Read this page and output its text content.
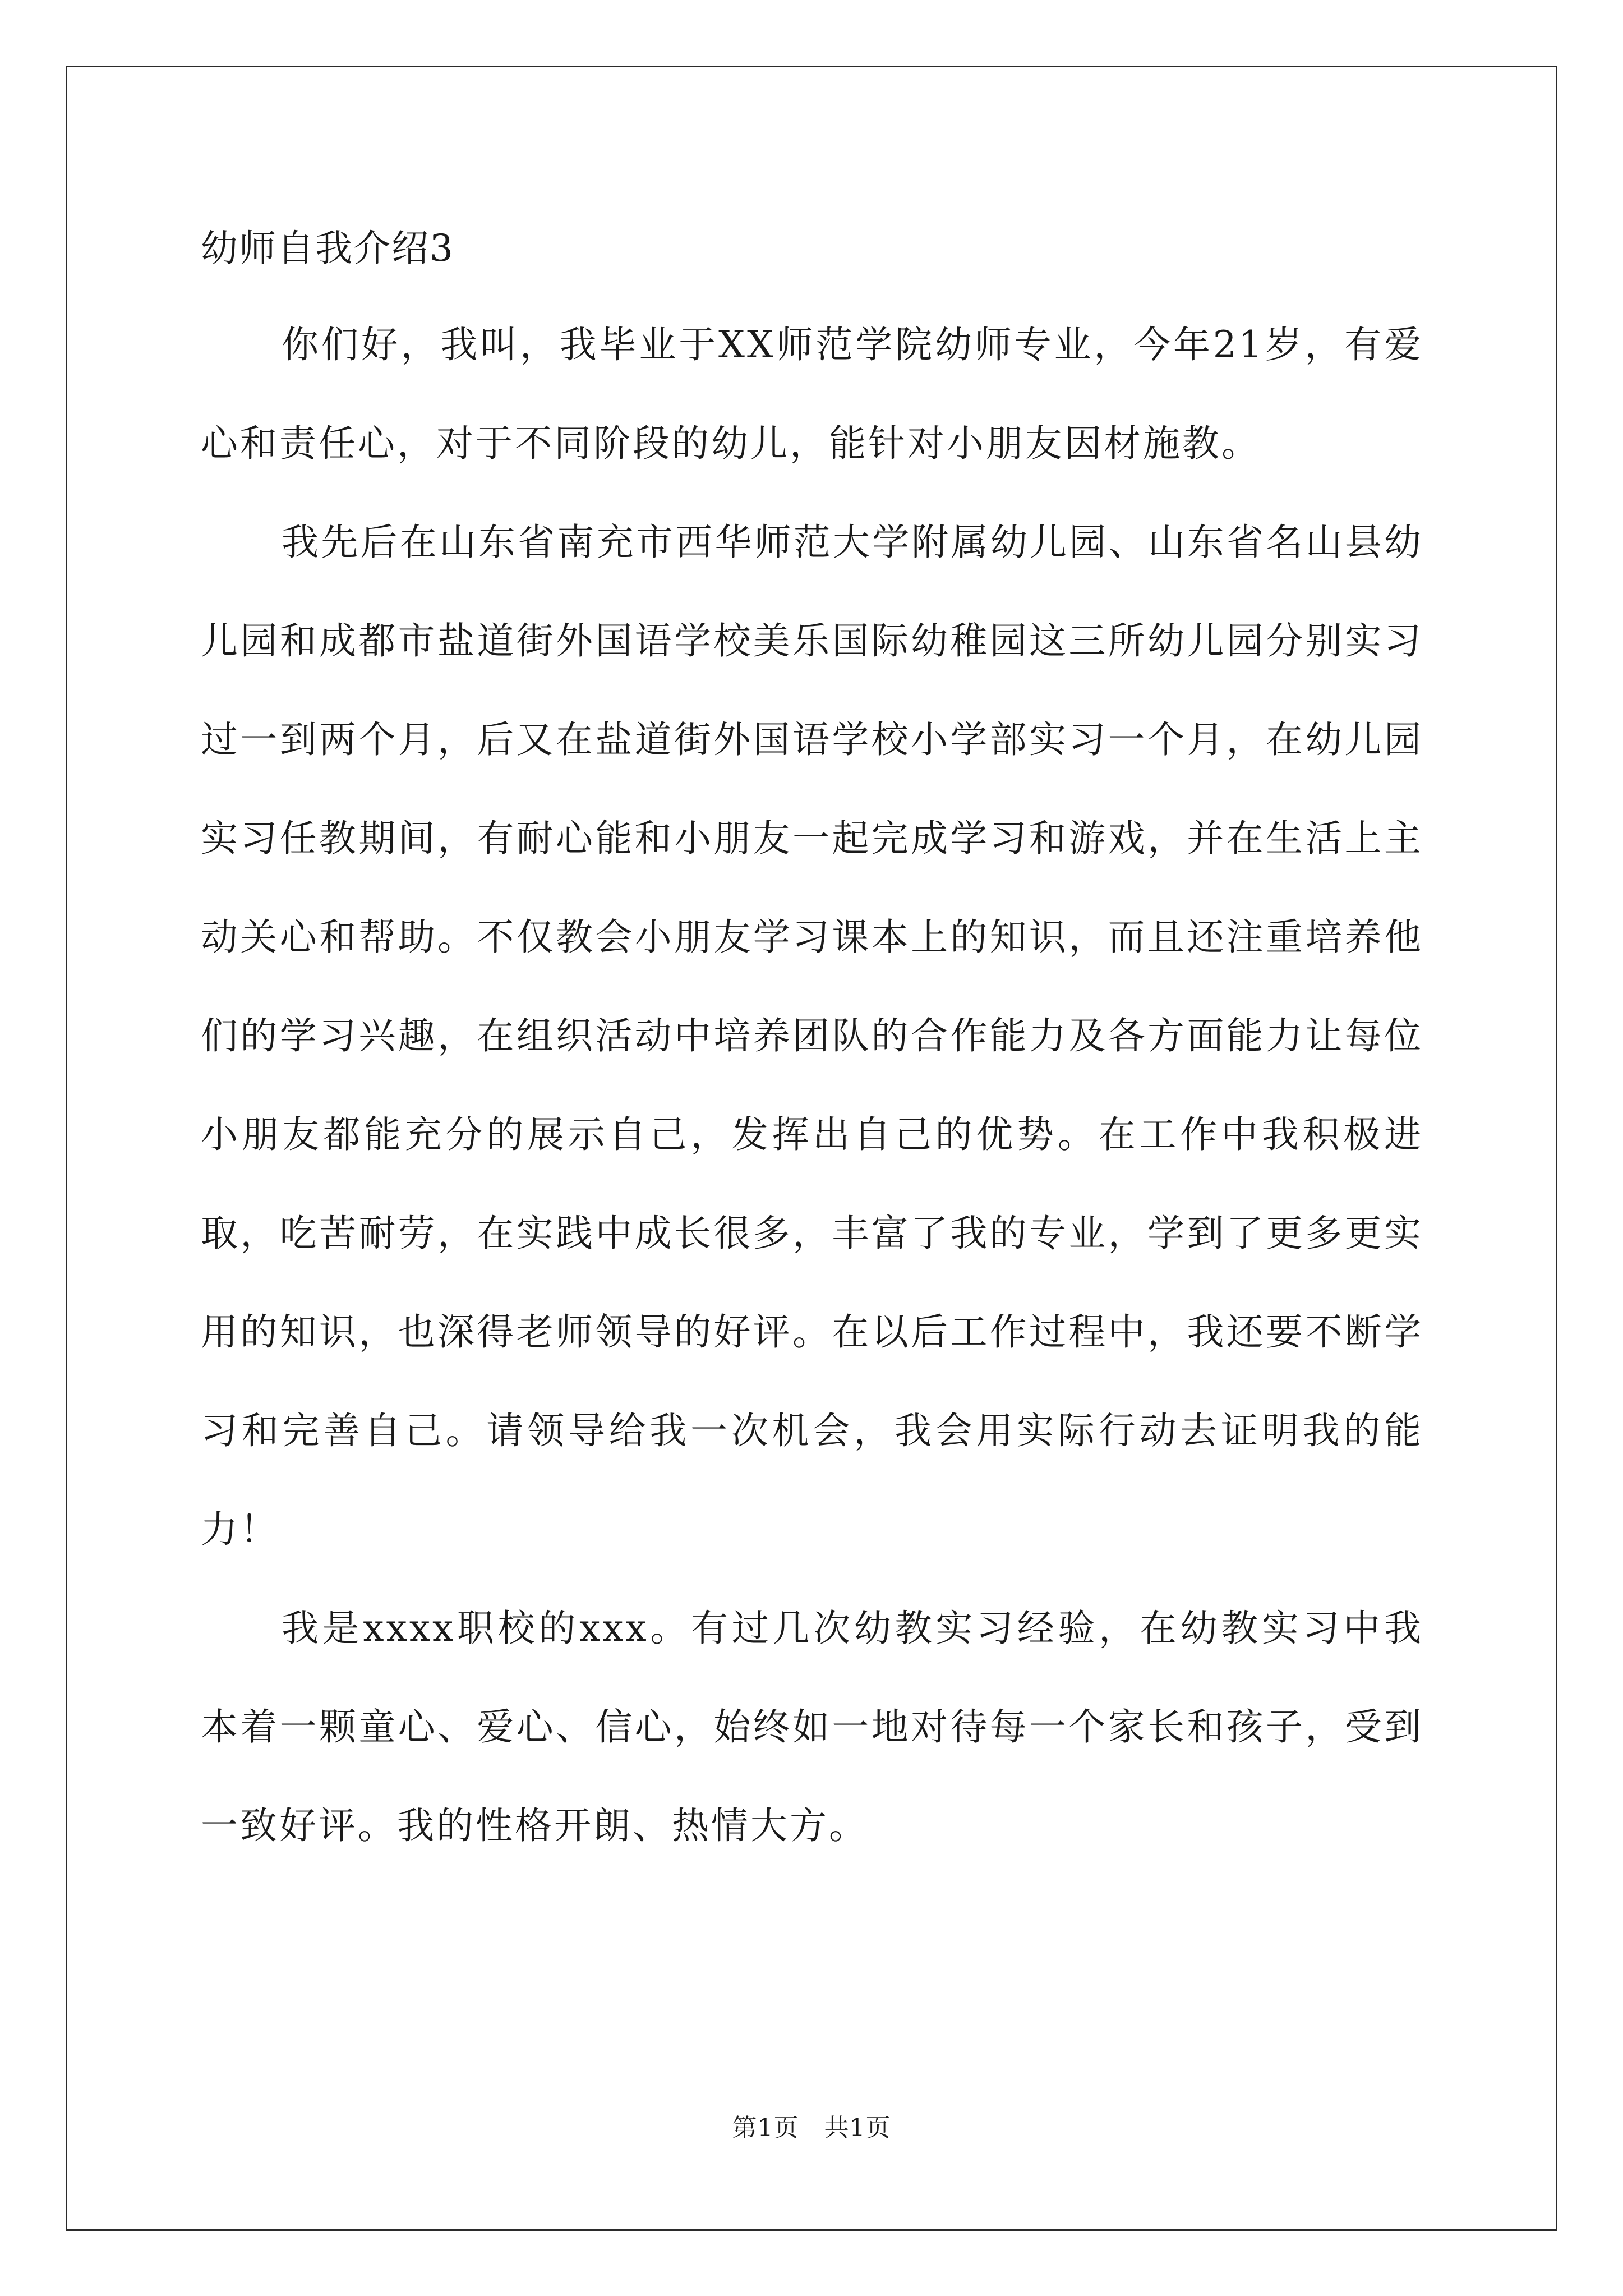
幼师自我介绍3

你们好，我叫，我毕业于XX师范学院幼师专业，今年21岁，有爱心和责任心，对于不同阶段的幼儿，能针对小朋友因材施教。

我先后在山东省南充市西华师范大学附属幼儿园、山东省名山县幼儿园和成都市盐道街外国语学校美乐国际幼稚园这三所幼儿园分别实习过一到两个月，后又在盐道街外国语学校小学部实习一个月，在幼儿园实习任教期间，有耐心能和小朋友一起完成学习和游戏，并在生活上主动关心和帮助。不仅教会小朋友学习课本上的知识，而且还注重培养他们的学习兴趣，在组织活动中培养团队的合作能力及各方面能力让每位小朋友都能充分的展示自己，发挥出自己的优势。在工作中我积极进取，吃苦耐劳，在实践中成长很多，丰富了我的专业，学到了更多更实用的知识，也深得老师领导的好评。在以后工作过程中，我还要不断学习和完善自己。请领导给我一次机会，我会用实际行动去证明我的能力！

我是xxxx职校的xxx。有过几次幼教实习经验，在幼教实习中我本着一颗童心、爱心、信心，始终如一地对待每一个家长和孩子，受到一致好评。我的性格开朗、热情大方。

第1页　共1页
